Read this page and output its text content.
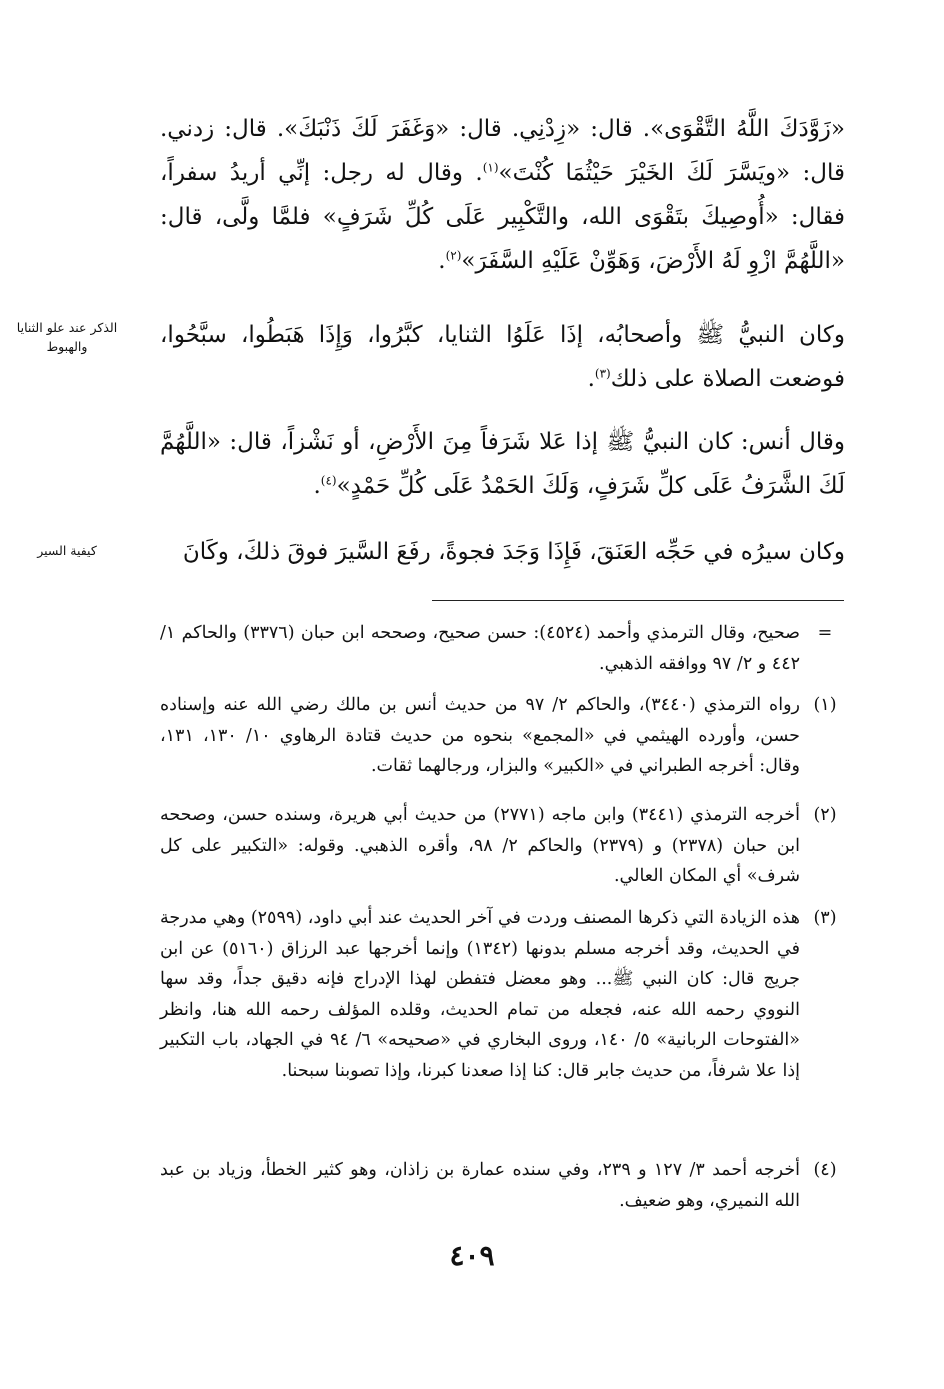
«زَوَّدَكَ اللَّهُ التَّقْوَى». قال: «زِدْنِي. قال: «وَغَفَرَ لَكَ ذَنْبَكَ». قال: زدني. قال: «ويَسَّرَ لَكَ الخَيْرَ حَيْثُمَا كُنْتَ»$^{(١)}$. وقال له رجل: إنِّي أريدُ سفراً، فقال: «أُوصِيكَ بتَقْوَى الله، والتَّكْبِير عَلَى كُلِّ شَرَفٍ» فلمَّا ولَّى، قال: «اللَّهُمَّ ازْوِ لَهُ الأَرْضَ، وَهَوِّنْ عَلَيْهِ السَّفَرَ»$^{(٢)}$.

وكان النبيُّ ﷺ وأصحابُه، إذَا عَلَوُا الثنايا، كبَّرُوا، وَإِذَا هَبَطُوا، سبَّحُوا، فوضعت الصلاة على ذلك$^{(٣)}$.

وقال أنس: كان النبيُّ ﷺ إذا عَلا شَرَفاً مِنَ الأَرْضِ، أو نَشْزاً، قال: «اللَّهُمَّ لَكَ الشَّرَفُ عَلَى كلِّ شَرَفٍ، وَلَكَ الحَمْدُ عَلَى كُلِّ حَمْدٍ»$^{(٤)}$.

وكان سيرُه في حَجِّه العَنَقَ، فَإِذَا وَجَدَ فجوةً، رفَعَ السَّيرَ فوقَ ذلكَ، وكَانَ

الذكر عند علو الثنايا والهبوط
كيفية السير
=
صحيح، وقال الترمذي وأحمد (٤٥٢٤): حسن صحيح، وصححه ابن حبان (٣٣٧٦) والحاكم ١/ ٤٤٢ و ٢/ ٩٧ ووافقه الذهبي.
(١)
رواه الترمذي (٣٤٤٠)، والحاكم ٢/ ٩٧ من حديث أنس بن مالك رضي الله عنه وإسناده حسن، وأورده الهيثمي في «المجمع» بنحوه من حديث قتادة الرهاوي ١٠/ ١٣٠، ١٣١، وقال: أخرجه الطبراني في «الكبير» والبزار، ورجالهما ثقات.
(٢)
أخرجه الترمذي (٣٤٤١) وابن ماجه (٢٧٧١) من حديث أبي هريرة، وسنده حسن، وصححه ابن حبان (٢٣٧٨) و (٢٣٧٩) والحاكم ٢/ ٩٨، وأقره الذهبي. وقوله: «التكبير على كل شرف» أي المكان العالي.
(٣)
هذه الزيادة التي ذكرها المصنف وردت في آخر الحديث عند أبي داود، (٢٥٩٩) وهي مدرجة في الحديث، وقد أخرجه مسلم بدونها (١٣٤٢) وإنما أخرجها عبد الرزاق (٥١٦٠) عن ابن جريج قال: كان النبي ﷺ... وهو معضل فتفطن لهذا الإدراج فإنه دقيق جداً، وقد سها النووي رحمه الله عنه، فجعله من تمام الحديث، وقلده المؤلف رحمه الله هنا، وانظر «الفتوحات الربانية» ٥/ ١٤٠، وروى البخاري في «صحيحه» ٦/ ٩٤ في الجهاد، باب التكبير إذا علا شرفاً، من حديث جابر قال: كنا إذا صعدنا كبرنا، وإذا تصوبنا سبحنا.
(٤)
أخرجه أحمد ٣/ ١٢٧ و ٢٣٩، وفي سنده عمارة بن زاذان، وهو كثير الخطأ، وزياد بن عبد الله النميري، وهو ضعيف.
٤٠٩
